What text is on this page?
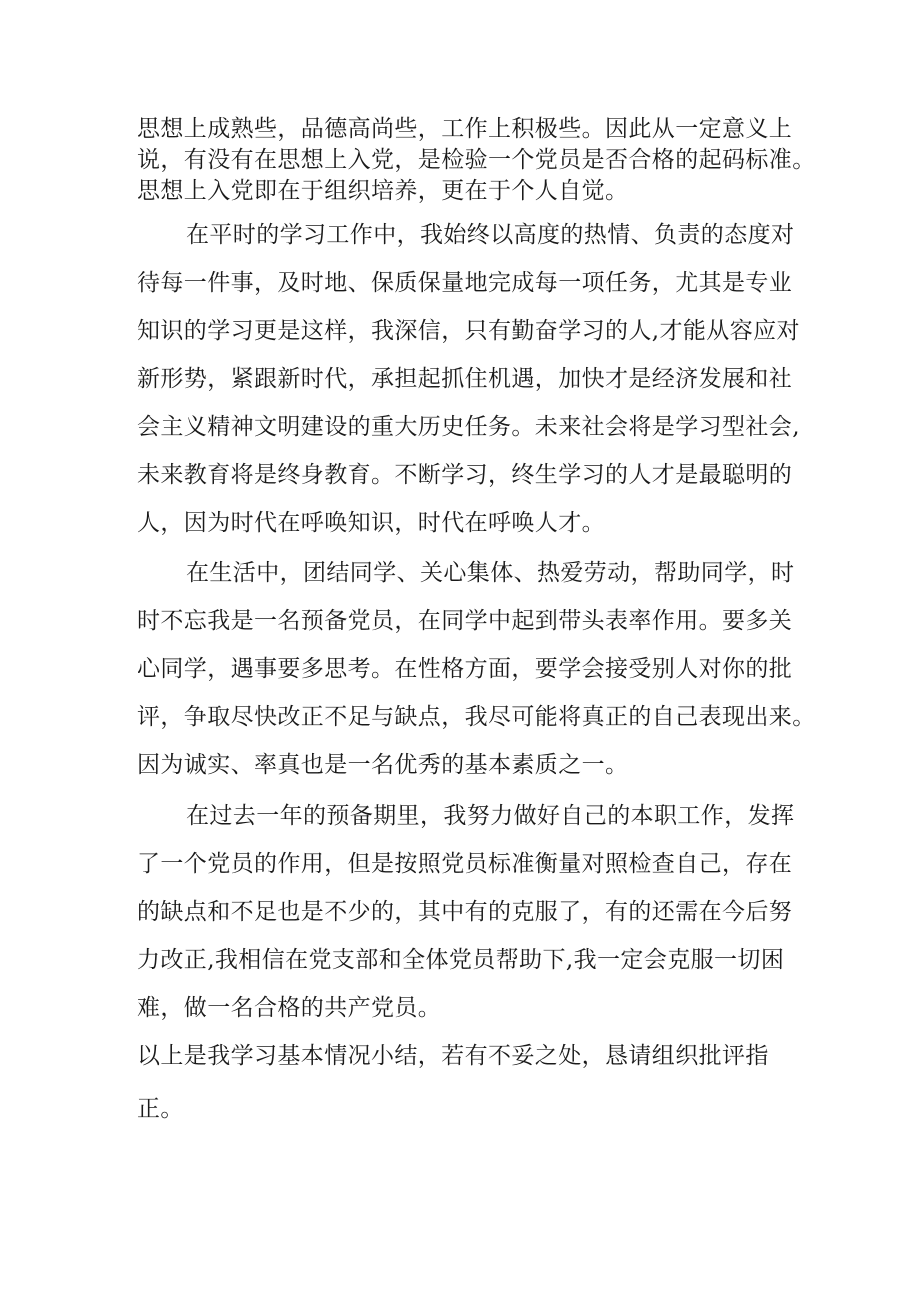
思想上成熟些，品德高尚些，工作上积极些。因此从一定意义上
说，有没有在思想上入党，是检验一个党员是否合格的起码标准。
思想上入党即在于组织培养，更在于个人自觉。
在平时的学习工作中，我始终以高度的热情、负责的态度对
待每一件事，及时地、保质保量地完成每一项任务，尤其是专业
知识的学习更是这样，我深信，只有勤奋学习的人,才能从容应对
新形势，紧跟新时代，承担起抓住机遇，加快才是经济发展和社
会主义精神文明建设的重大历史任务。未来社会将是学习型社会,
未来教育将是终身教育。不断学习，终生学习的人才是最聪明的
人，因为时代在呼唤知识，时代在呼唤人才。
在生活中，团结同学、关心集体、热爱劳动，帮助同学，时
时不忘我是一名预备党员，在同学中起到带头表率作用。要多关
心同学，遇事要多思考。在性格方面，要学会接受别人对你的批
评，争取尽快改正不足与缺点，我尽可能将真正的自己表现出来。
因为诚实、率真也是一名优秀的基本素质之一。
在过去一年的预备期里，我努力做好自己的本职工作，发挥
了一个党员的作用，但是按照党员标准衡量对照检查自己，存在
的缺点和不足也是不少的，其中有的克服了，有的还需在今后努
力改正,我相信在党支部和全体党员帮助下,我一定会克服一切困
难，做一名合格的共产党员。
以上是我学习基本情况小结，若有不妥之处，恳请组织批评指
正。
